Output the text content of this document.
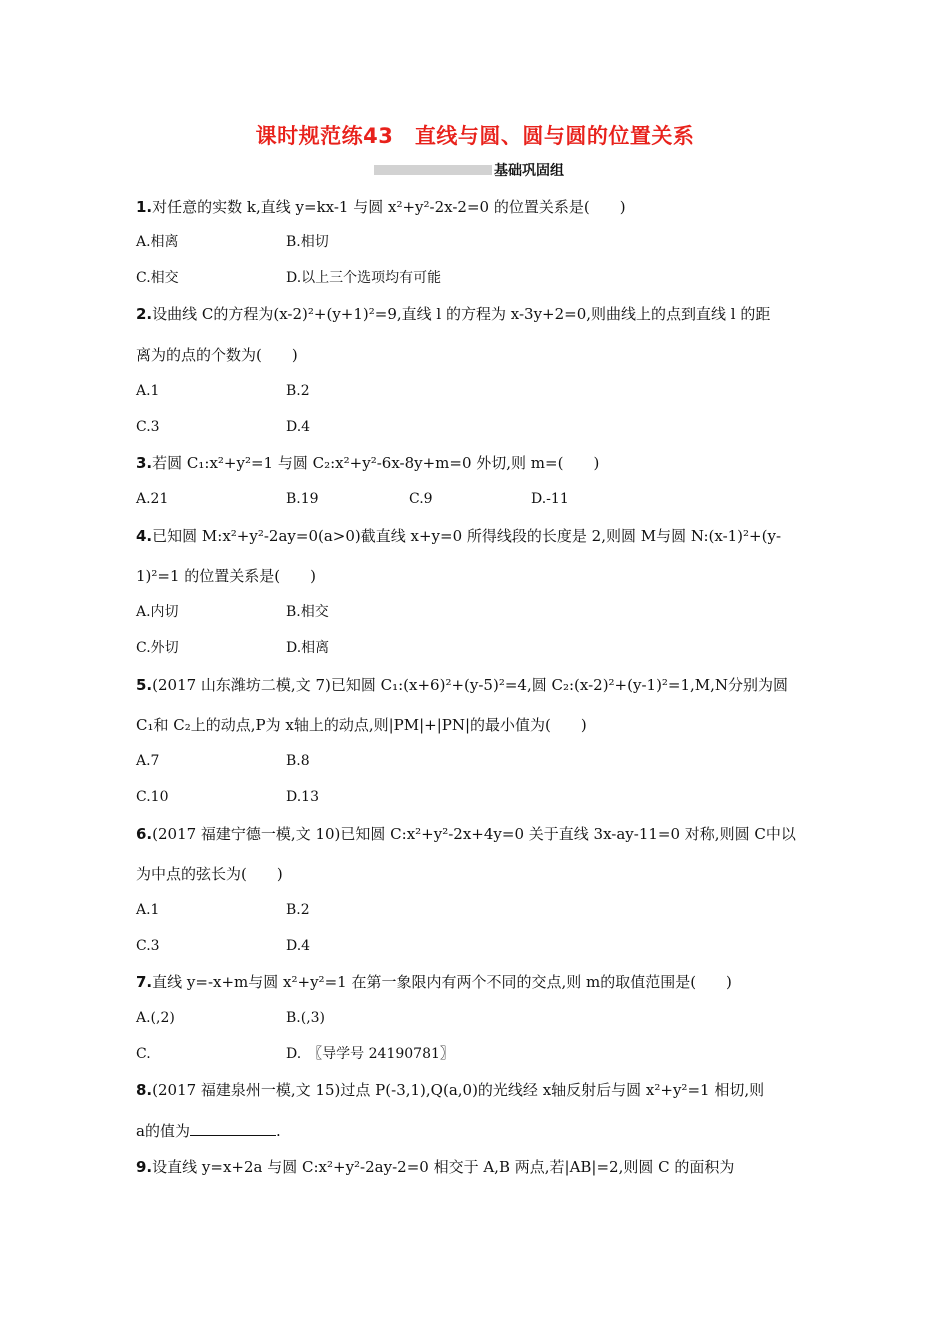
课时规范练43　直线与圆、圆与圆的位置关系
基础巩固组
1.对任意的实数 k,直线 y=kx-1 与圆 x²+y²-2x-2=0 的位置关系是(　　)
A.相离	B.相切
C.相交	D.以上三个选项均有可能
2.设曲线 C的方程为(x-2)²+(y+1)²=9,直线 l 的方程为 x-3y+2=0,则曲线上的点到直线 l 的距
离为的点的个数为(　　)
A.1	B.2
C.3	D.4
3.若圆 C₁:x²+y²=1 与圆 C₂:x²+y²-6x-8y+m=0 外切,则 m=(　　)
A.21	B.19	C.9	D.-11
4.已知圆 M:x²+y²-2ay=0(a>0)截直线 x+y=0 所得线段的长度是 2,则圆 M与圆 N:(x-1)²+(y-
1)²=1 的位置关系是(　　)
A.内切	B.相交
C.外切	D.相离
5.(2017 山东潍坊二模,文 7)已知圆 C₁:(x+6)²+(y-5)²=4,圆 C₂:(x-2)²+(y-1)²=1,M,N分别为圆
C₁和 C₂上的动点,P为 x轴上的动点,则|PM|+|PN|的最小值为(　　)
A.7	B.8
C.10	D.13
6.(2017 福建宁德一模,文 10)已知圆 C:x²+y²-2x+4y=0 关于直线 3x-ay-11=0 对称,则圆 C中以
为中点的弦长为(　　)
A.1	B.2
C.3	D.4
7.直线 y=-x+m与圆 x²+y²=1 在第一象限内有两个不同的交点,则 m的取值范围是(　　)
A.(,2)	B.(,3)
C.	D.　〖导学号 24190781〗
8.(2017 福建泉州一模,文 15)过点 P(-3,1),Q(a,0)的光线经 x轴反射后与圆 x²+y²=1 相切,则
a的值为	.
9.设直线 y=x+2a 与圆 C:x²+y²-2ay-2=0 相交于 A,B 两点,若|AB|=2,则圆 C 的面积为
